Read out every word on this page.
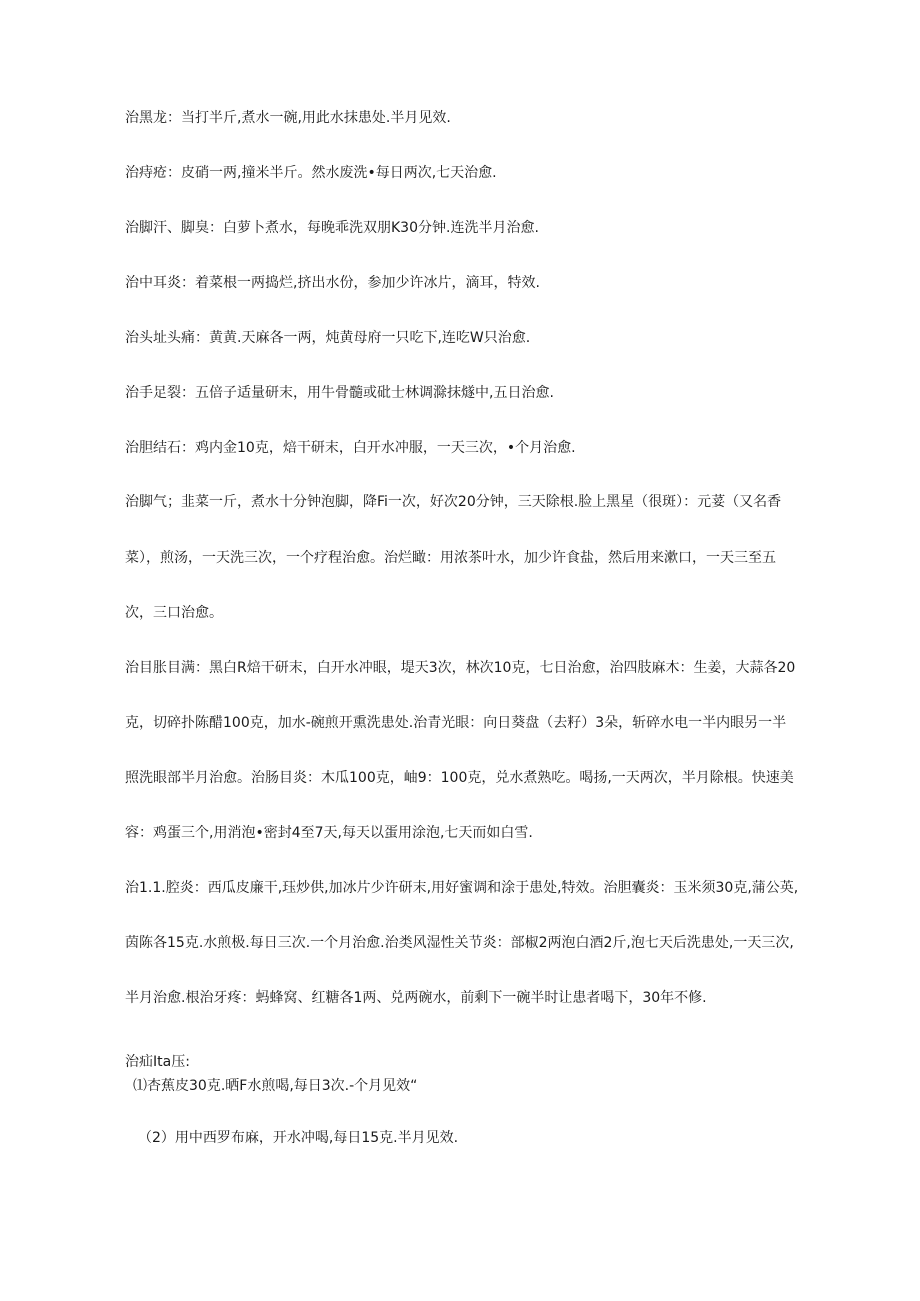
治黑龙：当打半斤,煮水一碗,用此水抹患处.半月见效.
治痔疮：皮硝一两,撞米半斤。然水废洗•每日两次,七天治愈.
治脚汗、脚臭：白萝卜煮水，每晚乖洗双朋K30分钟.连洗半月治愈.
治中耳炎：着菜根一两捣烂,挤出水份，参加少许冰片，滴耳，特效.
治头址头痛：黄黄.天麻各一两，炖黄母府一只吃下,连吃W只治愈.
治手足裂：五倍子适量研末，用牛骨髓或砒士林调滁抹燧中,五日治愈.
治胆结石：鸡内金10克，焙干研末，白开水冲服，一天三次，•个月治愈.
治脚气；韭菜一斤，煮水十分钟泡脚，降Fi一次，好次20分钟，三天除根.脸上黑星（很斑）：元荽（又名香
菜），煎汤，一天洗三次，一个疗程治愈。治烂瞰：用浓茶叶水，加少许食盐，然后用来漱口，一天三至五
次，三口治愈。
治目胀目满：黑白R焙干研末，白开水冲眼，堤天3次，林次10克，七日治愈，治四肢麻木：生姜，大蒜各20
克，切碎扑陈醋100克，加水-碗煎开熏洗患处.治青光眼：向日葵盘（去籽）3朵，斩碎水电一半内眼另一半
照洗眼部半月治愈。治肠目炎：木瓜100克，岫9：100克，兑水煮熟吃。喝扬,一天两次，半月除根。快速美
容：鸡蛋三个,用消泡•密封4至7天,每天以蛋用涂泡,七天而如白雪.
治1.1.腔炎：西瓜皮廉干,珏炒供,加冰片少许研末,用好蜜调和涂于患处,特效。治胆囊炎：玉米须30克,蒲公英,
茵陈各15克.水煎极.每日三次.一个月治愈.治类风湿性关节炎：部椒2两泡白酒2斤,泡七天后洗患处,一天三次,
半月治愈.根治牙疼：蚂蜂窝、红糖各1两、兑两碗水，前剩下一碗半时让患者喝下，30年不修.
治疝Ita压:
⑴杏蕉皮30克.晒F水煎喝,每日3次.-个月见效“
（2）用中西罗布麻，开水冲喝,每日15克.半月见效.
